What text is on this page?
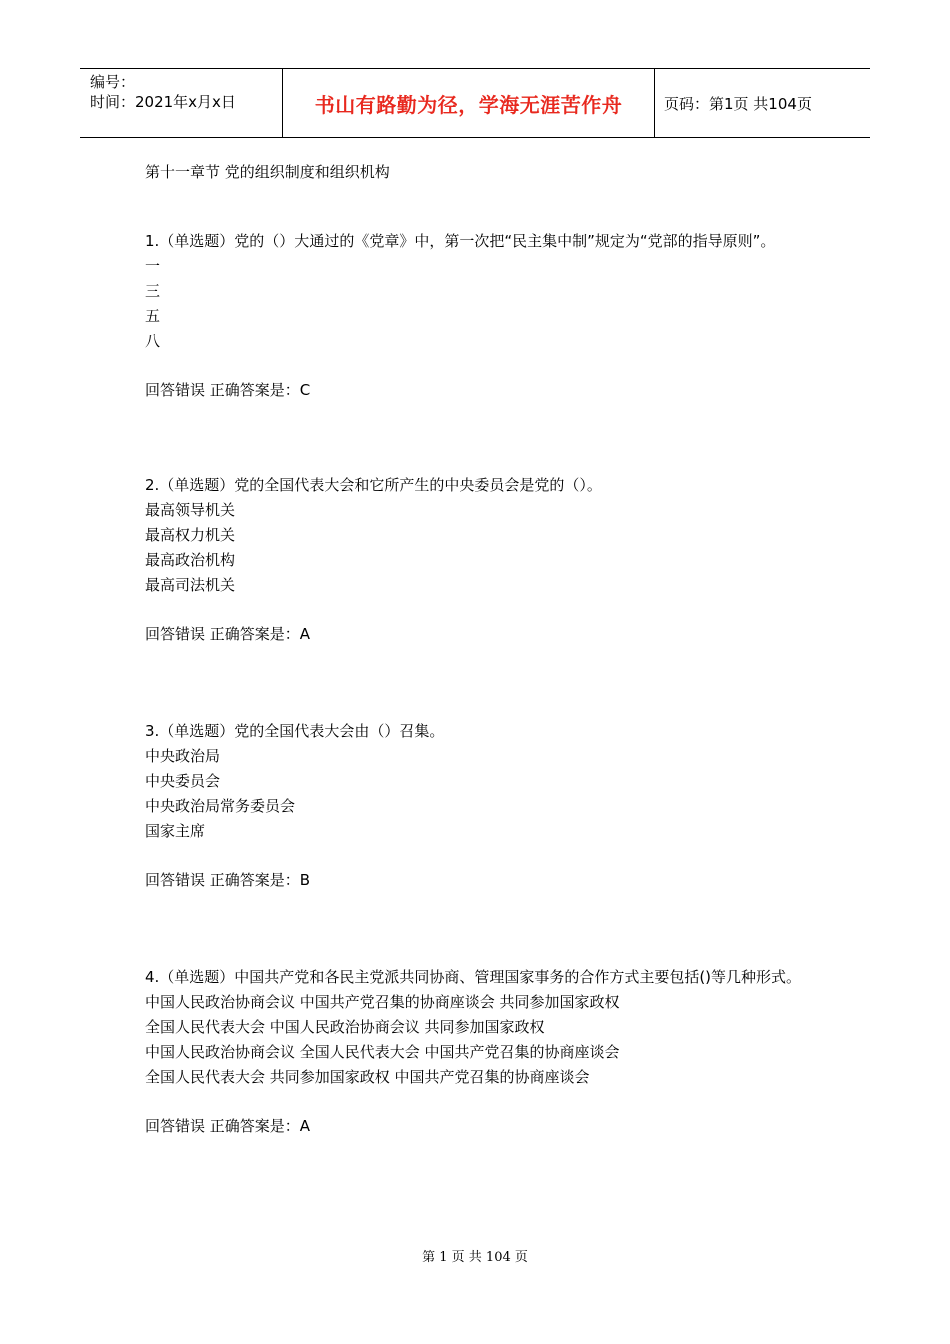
编号：
时间：2021年x月x日	书山有路勤为径，学海无涯苦作舟	页码：第1页 共104页
第十一章节 党的组织制度和组织机构
1.（单选题）党的（）大通过的《党章》中，第一次把“民主集中制”规定为“党部的指导原则”。
一
三
五
八
回答错误 正确答案是：C
2.（单选题）党的全国代表大会和它所产生的中央委员会是党的（）。
最高领导机关
最高权力机关
最高政治机构
最高司法机关
回答错误 正确答案是：A
3.（单选题）党的全国代表大会由（）召集。
中央政治局
中央委员会
中央政治局常务委员会
国家主席
回答错误 正确答案是：B
4.（单选题）中国共产党和各民主党派共同协商、管理国家事务的合作方式主要包括()等几种形式。
中国人民政治协商会议 中国共产党召集的协商座谈会 共同参加国家政权
全国人民代表大会 中国人民政治协商会议 共同参加国家政权
中国人民政治协商会议 全国人民代表大会 中国共产党召集的协商座谈会
全国人民代表大会 共同参加国家政权 中国共产党召集的协商座谈会
回答错误 正确答案是：A
第 1 页 共 104 页
